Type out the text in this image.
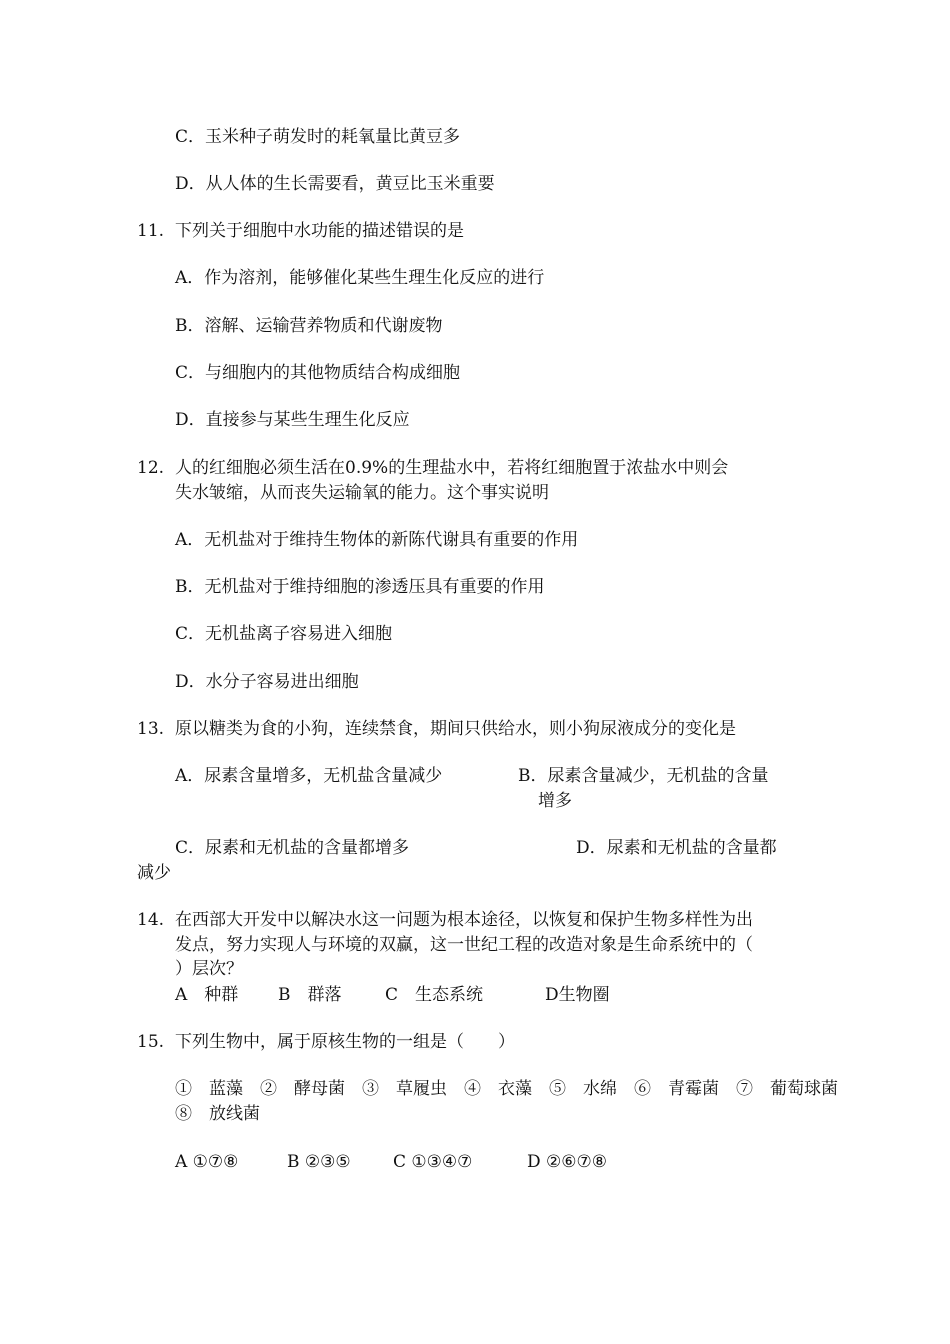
C．玉米种子萌发时的耗氧量比黄豆多
D．从人体的生长需要看，黄豆比玉米重要
11. 下列关于细胞中水功能的描述错误的是
A．作为溶剂，能够催化某些生理生化反应的进行
B．溶解、运输营养物质和代谢废物
C．与细胞内的其他物质结合构成细胞
D．直接参与某些生理生化反应
12. 人的红细胞必须生活在0.9%的生理盐水中，若将红细胞置于浓盐水中则会
失水皱缩，从而丧失运输氧的能力。这个事实说明
A．无机盐对于维持生物体的新陈代谢具有重要的作用
B．无机盐对于维持细胞的渗透压具有重要的作用
C．无机盐离子容易进入细胞
D．水分子容易进出细胞
13. 原以糖类为食的小狗，连续禁食，期间只供给水，则小狗尿液成分的变化是
A．尿素含量增多，无机盐含量减少	B．尿素含量减少，无机盐的含量
增多
C．尿素和无机盐的含量都增多	D．尿素和无机盐的含量都
减少
14. 在西部大开发中以解决水这一问题为根本途径，以恢复和保护生物多样性为出
发点，努力实现人与环境的双赢，这一世纪工程的改造对象是生命系统中的（
）层次？
A　种群 B　群落	C　生态系统	D生物圈
15. 下列生物中，属于原核生物的一组是（　　）
①　蓝藻　②　酵母菌　③　草履虫　④　衣藻　⑤　水绵　⑥　青霉菌　⑦　葡萄球菌
⑧　放线菌
A ①⑦⑧	B ②③⑤ C ①③④⑦	D ②⑥⑦⑧
